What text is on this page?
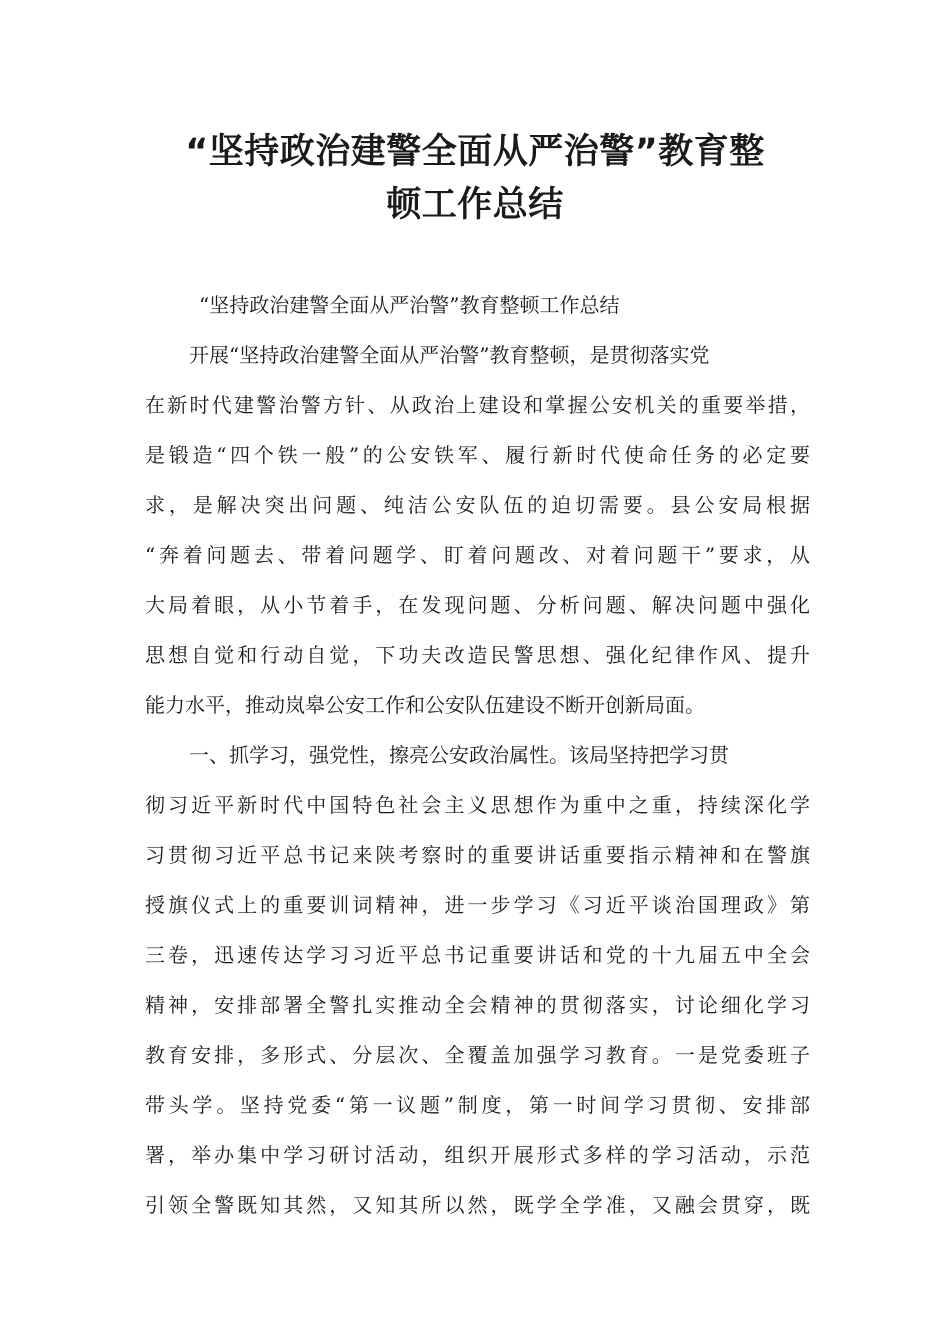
“坚持政治建警全面从严治警”教育整
顿工作总结
“坚持政治建警全面从严治警”教育整顿工作总结
开展“坚持政治建警全面从严治警”教育整顿，是贯彻落实党
在新时代建警治警方针、从政治上建设和掌握公安机关的重要举措，
是锻造“四个铁一般”的公安铁军、履行新时代使命任务的必定要
求，是解决突出问题、纯洁公安队伍的迫切需要。县公安局根据
“奔着问题去、带着问题学、盯着问题改、对着问题干”要求，从
大局着眼，从小节着手，在发现问题、分析问题、解决问题中强化
思想自觉和行动自觉，下功夫改造民警思想、强化纪律作风、提升
能力水平，推动岚皋公安工作和公安队伍建设不断开创新局面。
一、抓学习，强党性，擦亮公安政治属性。该局坚持把学习贯
彻习近平新时代中国特色社会主义思想作为重中之重，持续深化学
习贯彻习近平总书记来陕考察时的重要讲话重要指示精神和在警旗
授旗仪式上的重要训词精神，进一步学习《习近平谈治国理政》第
三卷，迅速传达学习习近平总书记重要讲话和党的十九届五中全会
精神，安排部署全警扎实推动全会精神的贯彻落实，讨论细化学习
教育安排，多形式、分层次、全覆盖加强学习教育。一是党委班子
带头学。坚持党委“第一议题”制度，第一时间学习贯彻、安排部
署，举办集中学习研讨活动，组织开展形式多样的学习活动，示范
引领全警既知其然，又知其所以然，既学全学准，又融会贯穿，既
